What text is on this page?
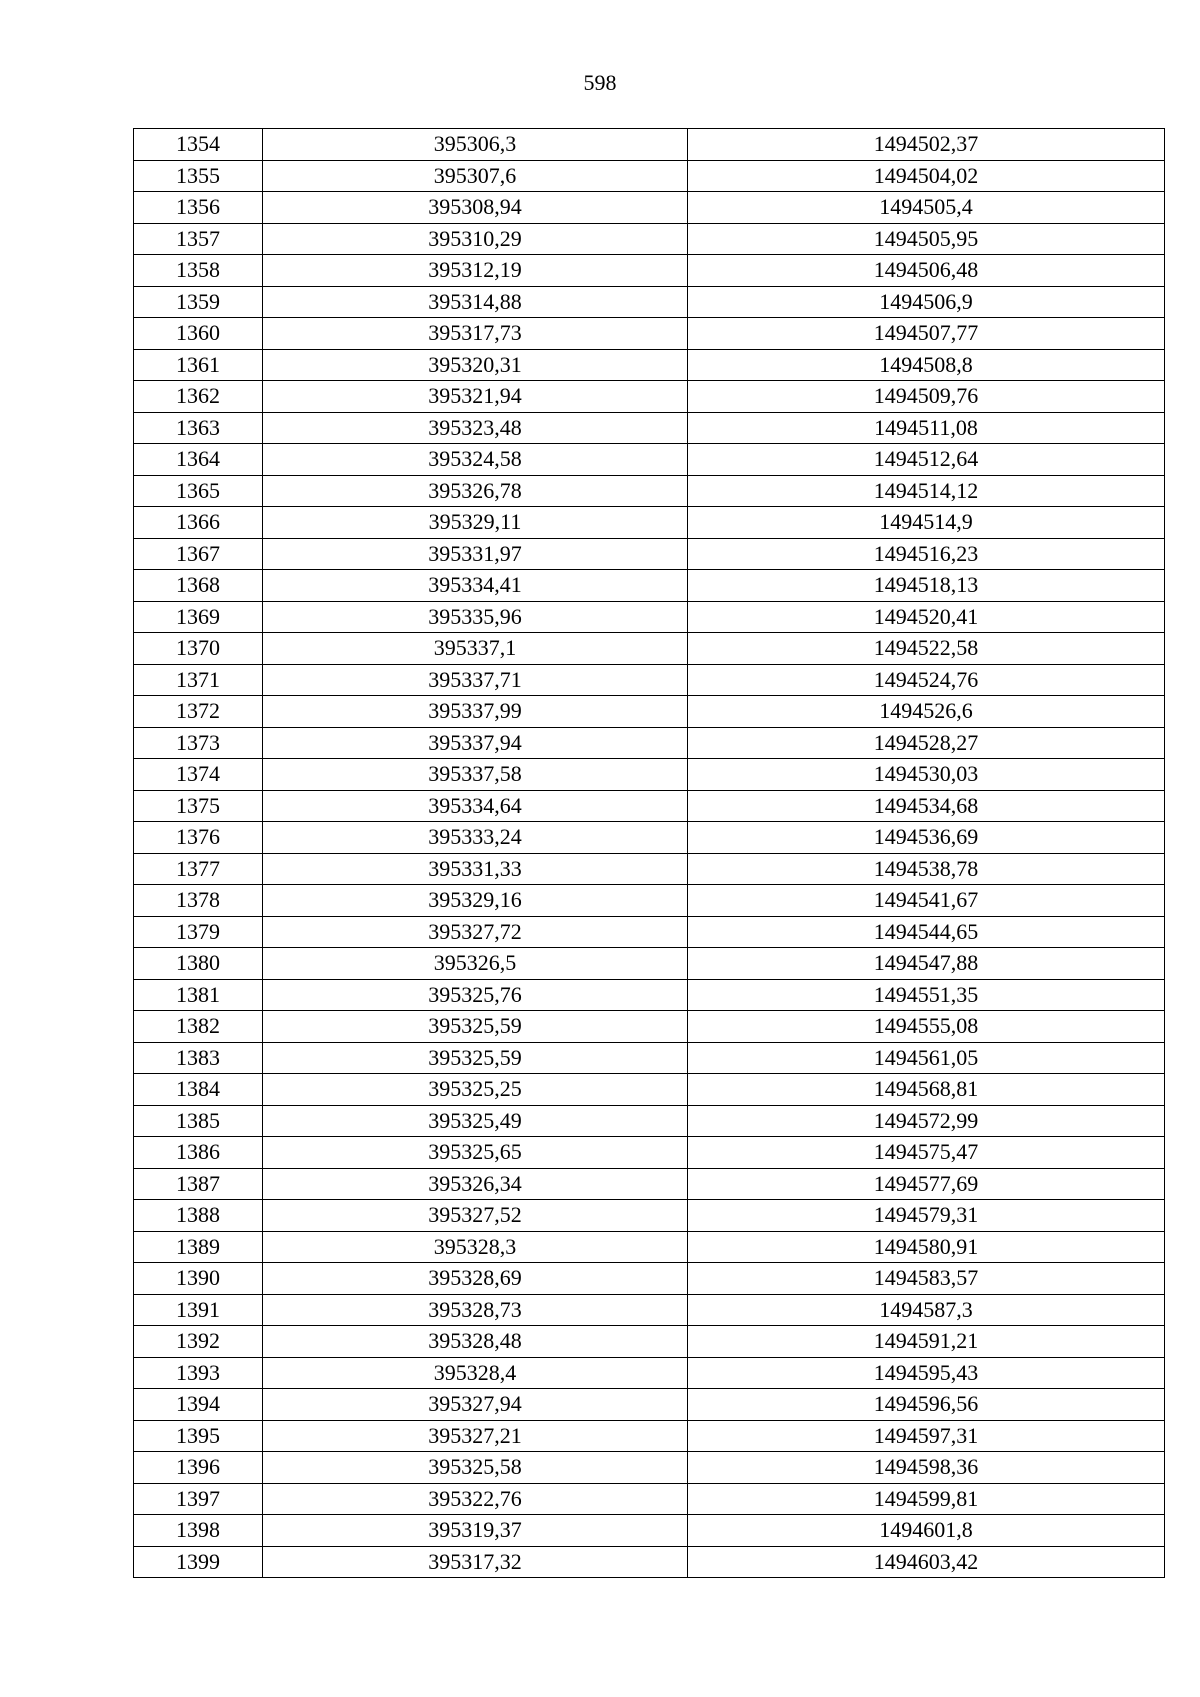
598
1354	395306,3	1494502,37
1355	395307,6	1494504,02
1356	395308,94	1494505,4
1357	395310,29	1494505,95
1358	395312,19	1494506,48
1359	395314,88	1494506,9
1360	395317,73	1494507,77
1361	395320,31	1494508,8
1362	395321,94	1494509,76
1363	395323,48	1494511,08
1364	395324,58	1494512,64
1365	395326,78	1494514,12
1366	395329,11	1494514,9
1367	395331,97	1494516,23
1368	395334,41	1494518,13
1369	395335,96	1494520,41
1370	395337,1	1494522,58
1371	395337,71	1494524,76
1372	395337,99	1494526,6
1373	395337,94	1494528,27
1374	395337,58	1494530,03
1375	395334,64	1494534,68
1376	395333,24	1494536,69
1377	395331,33	1494538,78
1378	395329,16	1494541,67
1379	395327,72	1494544,65
1380	395326,5	1494547,88
1381	395325,76	1494551,35
1382	395325,59	1494555,08
1383	395325,59	1494561,05
1384	395325,25	1494568,81
1385	395325,49	1494572,99
1386	395325,65	1494575,47
1387	395326,34	1494577,69
1388	395327,52	1494579,31
1389	395328,3	1494580,91
1390	395328,69	1494583,57
1391	395328,73	1494587,3
1392	395328,48	1494591,21
1393	395328,4	1494595,43
1394	395327,94	1494596,56
1395	395327,21	1494597,31
1396	395325,58	1494598,36
1397	395322,76	1494599,81
1398	395319,37	1494601,8
1399	395317,32	1494603,42
